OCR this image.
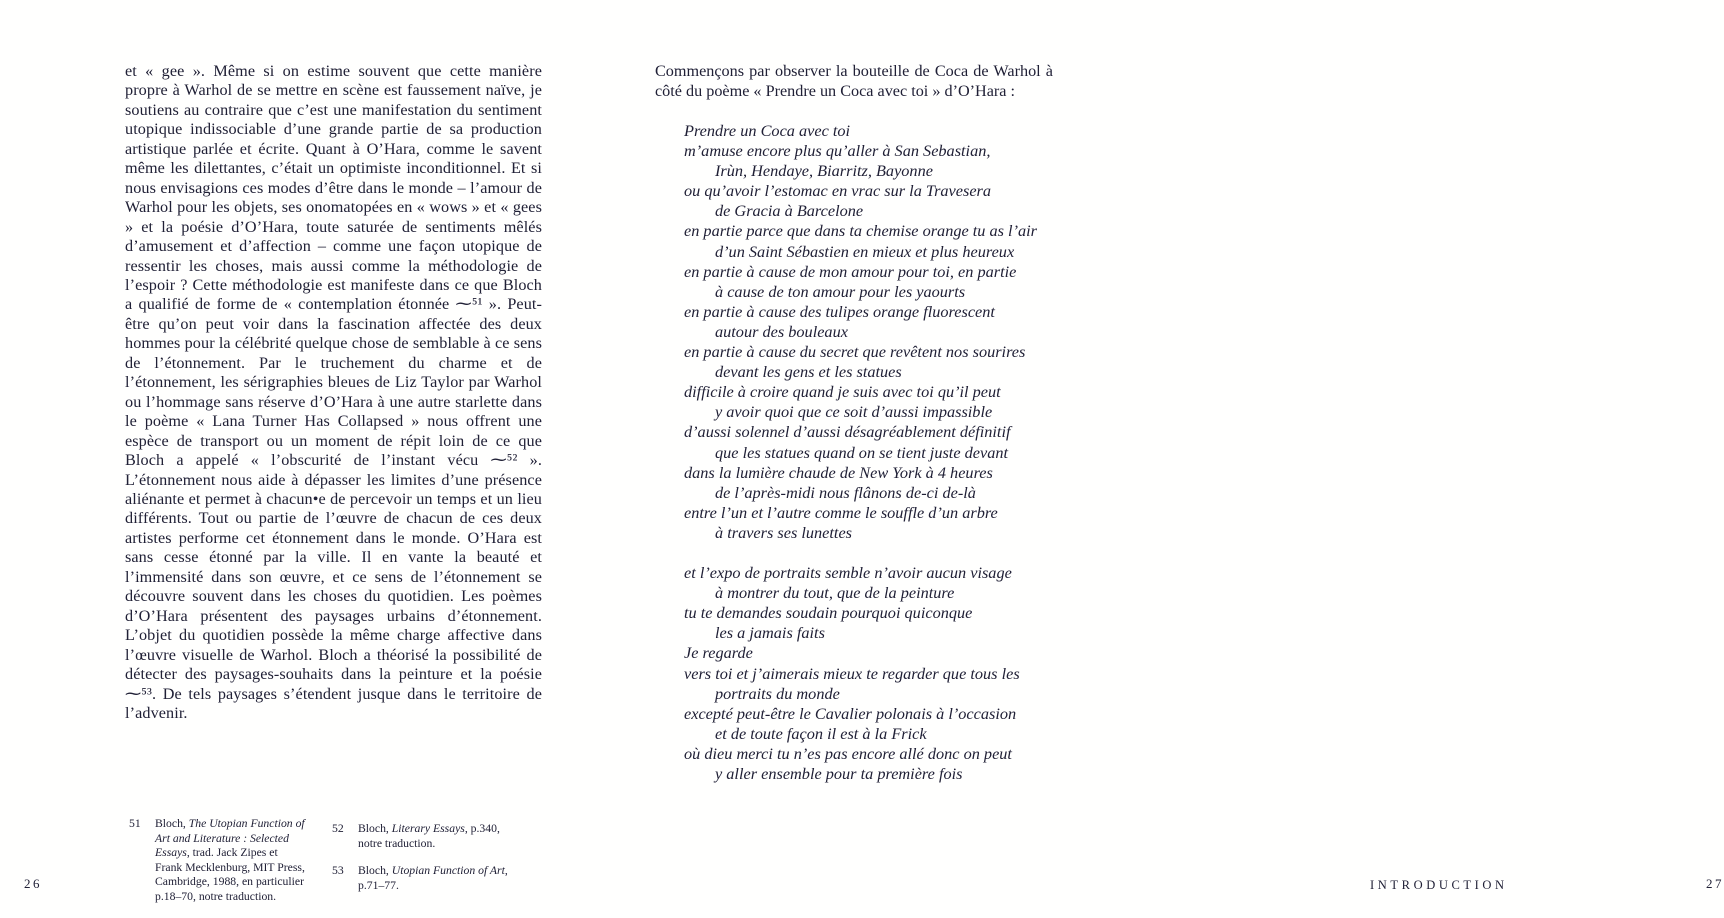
et « gee ». Même si on estime souvent que cette manière propre à Warhol de se mettre en scène est faussement naïve, je soutiens au contraire que c’est une manifestation du sentiment utopique indissociable d’une grande partie de sa production artistique parlée et écrite. Quant à O’Hara, comme le savent même les dilettantes, c’était un optimiste inconditionnel. Et si nous envisagions ces modes d’être dans le monde – l’amour de Warhol pour les objets, ses onomatopées en « wows » et « gees » et la poésie d’O’Hara, toute saturée de sentiments mêlés d’amusement et d’affection – comme une façon utopique de ressentir les choses, mais aussi comme la méthodologie de l’espoir ? Cette méthodologie est manifeste dans ce que Bloch a qualifié de forme de « contemplation étonnée ⁓⁵¹ ». Peut-être qu’on peut voir dans la fascination affectée des deux hommes pour la célébrité quelque chose de semblable à ce sens de l’étonnement. Par le truchement du charme et de l’étonnement, les sérigraphies bleues de Liz Taylor par Warhol ou l’hommage sans réserve d’O’Hara à une autre starlette dans le poème « Lana Turner Has Collapsed » nous offrent une espèce de transport ou un moment de répit loin de ce que Bloch a appelé « l’obscurité de l’instant vécu ⁓⁵² ». L’étonnement nous aide à dépasser les limites d’une présence aliénante et permet à chacun•e de percevoir un temps et un lieu différents. Tout ou partie de l’œuvre de chacun de ces deux artistes performe cet étonnement dans le monde. O’Hara est sans cesse étonné par la ville. Il en vante la beauté et l’immensité dans son œuvre, et ce sens de l’étonnement se découvre souvent dans les choses du quotidien. Les poèmes d’O’Hara présentent des paysages urbains d’étonnement. L’objet du quotidien possède la même charge affective dans l’œuvre visuelle de Warhol. Bloch a théorisé la possibilité de détecter des paysages-souhaits dans la peinture et la poésie ⁓⁵³. De tels paysages s’étendent jusque dans le territoire de l’advenir.
51	Bloch, The Utopian Function of Art and Literature : Selected Essays, trad. Jack Zipes et Frank Mecklenburg, MIT Press, Cambridge, 1988, en particulier p.18–70, notre traduction.
52	Bloch, Literary Essays, p.340, notre traduction.
53	Bloch, Utopian Function of Art, p.71–77.
26
Commençons par observer la bouteille de Coca de Warhol à côté du poème « Prendre un Coca avec toi » d’O’Hara :
Prendre un Coca avec toi
m’amuse encore plus qu’aller à San Sebastian,
Irùn, Hendaye, Biarritz, Bayonne
ou qu’avoir l’estomac en vrac sur la Travesera
de Gracia à Barcelone
en partie parce que dans ta chemise orange tu as l’air
d’un Saint Sébastien en mieux et plus heureux
en partie à cause de mon amour pour toi, en partie
à cause de ton amour pour les yaourts
en partie à cause des tulipes orange fluorescent
autour des bouleaux
en partie à cause du secret que revêtent nos sourires
devant les gens et les statues
difficile à croire quand je suis avec toi qu’il peut
y avoir quoi que ce soit d’aussi impassible
d’aussi solennel d’aussi désagréablement définitif
que les statues quand on se tient juste devant
dans la lumière chaude de New York à 4 heures
de l’après-midi nous flânons de-ci de-là
entre l’un et l’autre comme le souffle d’un arbre
à travers ses lunettes
et l’expo de portraits semble n’avoir aucun visage
à montrer du tout, que de la peinture
tu te demandes soudain pourquoi quiconque
les a jamais faits
Je regarde
vers toi et j’aimerais mieux te regarder que tous les
portraits du monde
excepté peut-être le Cavalier polonais à l’occasion
et de toute façon il est à la Frick
où dieu merci tu n’es pas encore allé donc on peut
y aller ensemble pour ta première fois
INTRODUCTION	27
